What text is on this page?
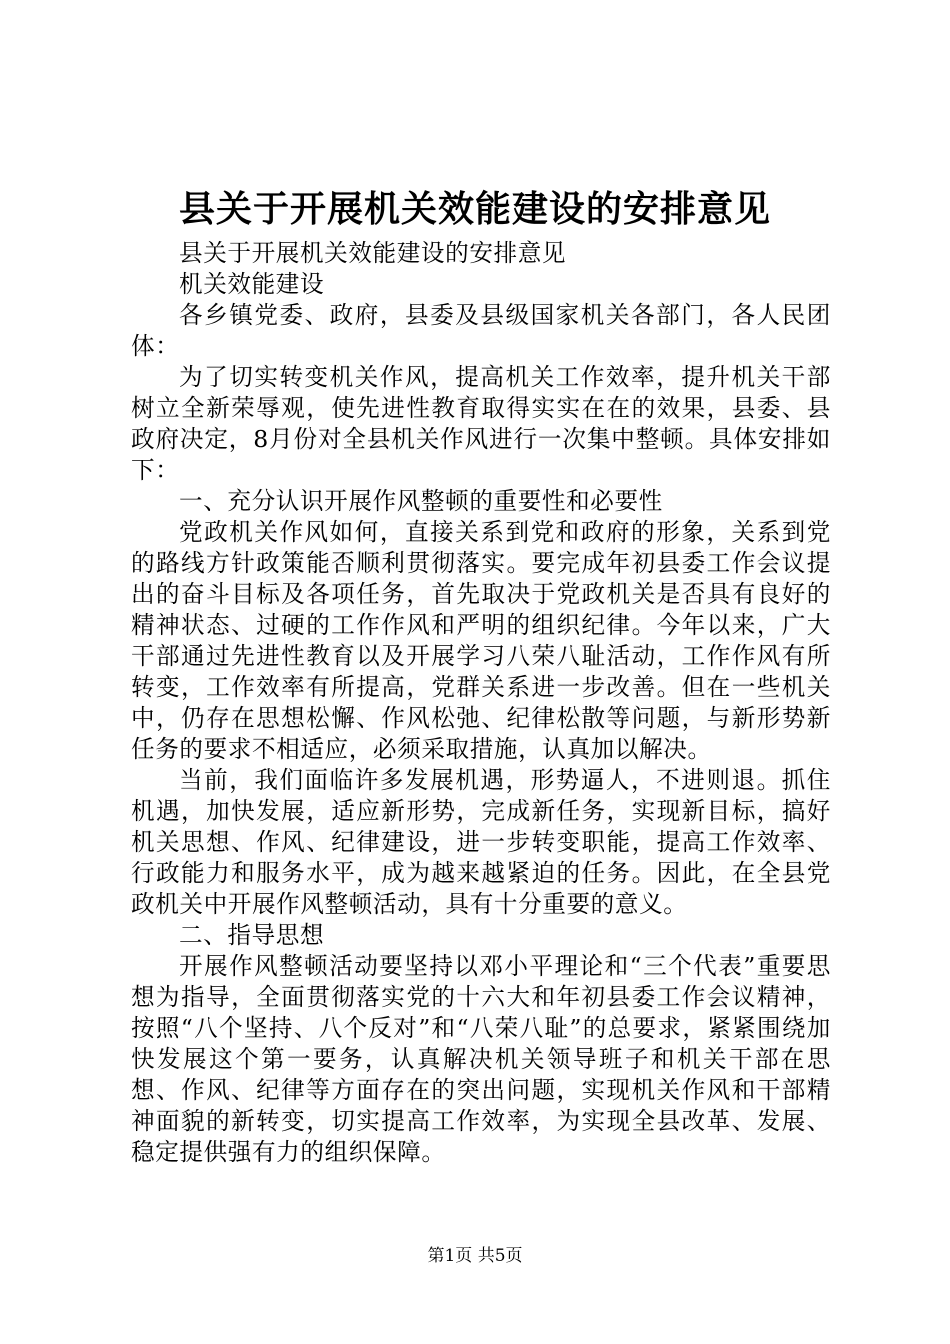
县关于开展机关效能建设的安排意见

县关于开展机关效能建设的安排意见

机关效能建设

各乡镇党委、政府，县委及县级国家机关各部门，各人民团体：

为了切实转变机关作风，提高机关工作效率，提升机关干部树立全新荣辱观，使先进性教育取得实实在在的效果，县委、县政府决定，8月份对全县机关作风进行一次集中整顿。具体安排如下：

一、充分认识开展作风整顿的重要性和必要性

党政机关作风如何，直接关系到党和政府的形象，关系到党的路线方针政策能否顺利贯彻落实。要完成年初县委工作会议提出的奋斗目标及各项任务，首先取决于党政机关是否具有良好的精神状态、过硬的工作作风和严明的组织纪律。今年以来，广大干部通过先进性教育以及开展学习八荣八耻活动，工作作风有所转变，工作效率有所提高，党群关系进一步改善。但在一些机关中，仍存在思想松懈、作风松弛、纪律松散等问题，与新形势新任务的要求不相适应，必须采取措施，认真加以解决。

当前，我们面临许多发展机遇，形势逼人，不进则退。抓住机遇，加快发展，适应新形势，完成新任务，实现新目标，搞好机关思想、作风、纪律建设，进一步转变职能，提高工作效率、行政能力和服务水平，成为越来越紧迫的任务。因此，在全县党政机关中开展作风整顿活动，具有十分重要的意义。

二、指导思想

开展作风整顿活动要坚持以邓小平理论和“三个代表”重要思想为指导，全面贯彻落实党的十六大和年初县委工作会议精神，按照“八个坚持、八个反对”和“八荣八耻”的总要求，紧紧围绕加快发展这个第一要务，认真解决机关领导班子和机关干部在思想、作风、纪律等方面存在的突出问题，实现机关作风和干部精神面貌的新转变，切实提高工作效率，为实现全县改革、发展、稳定提供强有力的组织保障。

第1页 共5页
